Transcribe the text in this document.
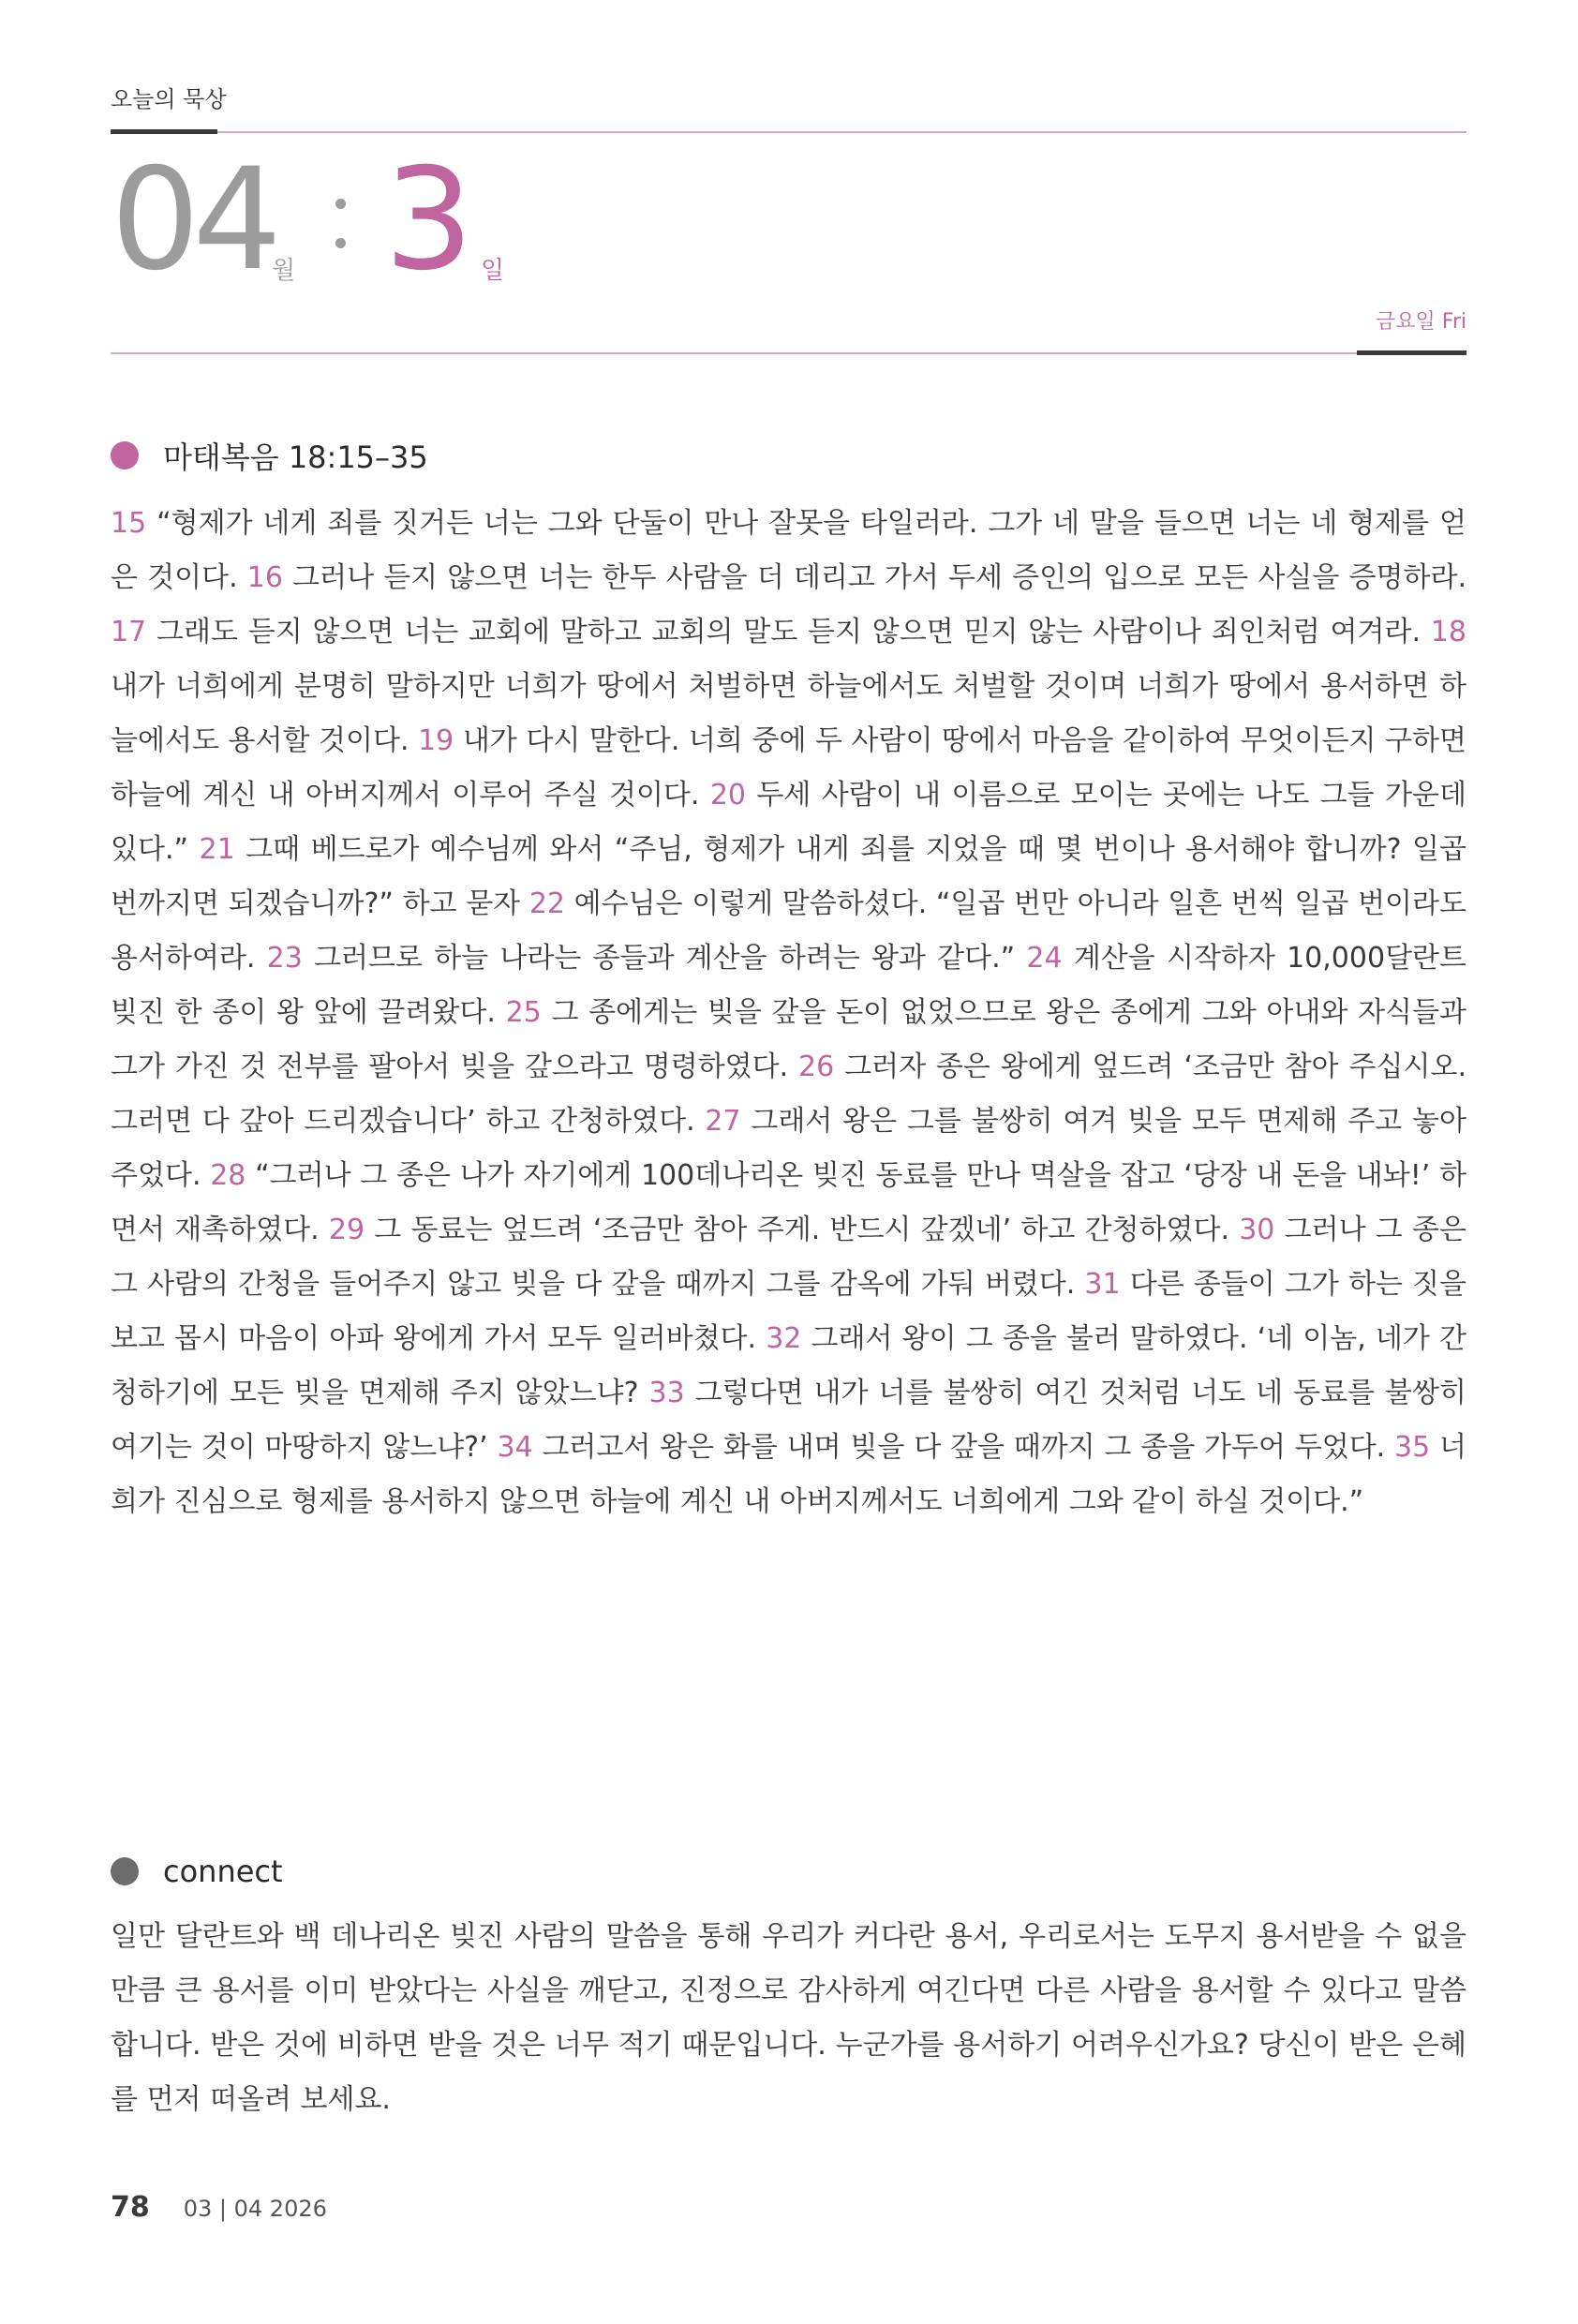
오늘의 묵상
04
월 3 일
금요일 Fri
마태복음 18:15–35
15 “형제가 네게 죄를 짓거든 너는 그와 단둘이 만나 잘못을 타일러라. 그가 네 말을 들으면 너는 네 형제를 얻은 것이다. 16 그러나 듣지 않으면 너는 한두 사람을 더 데리고 가서 두세 증인의 입으로 모든 사실을 증명하라. 17 그래도 듣지 않으면 너는 교회에 말하고 교회의 말도 듣지 않으면 믿지 않는 사람이나 죄인처럼 여겨라. 18 내가 너희에게 분명히 말하지만 너희가 땅에서 처벌하면 하늘에서도 처벌할 것이며 너희가 땅에서 용서하면 하늘에서도 용서할 것이다. 19 내가 다시 말한다. 너희 중에 두 사람이 땅에서 마음을 같이하여 무엇이든지 구하면 하늘에 계신 내 아버지께서 이루어 주실 것이다. 20 두세 사람이 내 이름으로 모이는 곳에는 나도 그들 가운데 있다.” 21 그때 베드로가 예수님께 와서 “주님, 형제가 내게 죄를 지었을 때 몇 번이나 용서해야 합니까? 일곱 번까지면 되겠습니까?” 하고 묻자 22 예수님은 이렇게 말씀하셨다. “일곱 번만 아니라 일흔 번씩 일곱 번이라도 용서하여라. 23 그러므로 하늘 나라는 종들과 계산을 하려는 왕과 같다.” 24 계산을 시작하자 10,000달란트 빚진 한 종이 왕 앞에 끌려왔다. 25 그 종에게는 빚을 갚을 돈이 없었으므로 왕은 종에게 그와 아내와 자식들과 그가 가진 것 전부를 팔아서 빚을 갚으라고 명령하였다. 26 그러자 종은 왕에게 엎드려 ‘조금만 참아 주십시오. 그러면 다 갚아 드리겠습니다’ 하고 간청하였다. 27 그래서 왕은 그를 불쌍히 여겨 빚을 모두 면제해 주고 놓아 주었다. 28 “그러나 그 종은 나가 자기에게 100데나리온 빚진 동료를 만나 멱살을 잡고 ‘당장 내 돈을 내놔!’ 하면서 재촉하였다. 29 그 동료는 엎드려 ‘조금만 참아 주게. 반드시 갚겠네’ 하고 간청하였다. 30 그러나 그 종은 그 사람의 간청을 들어주지 않고 빚을 다 갚을 때까지 그를 감옥에 가둬 버렸다. 31 다른 종들이 그가 하는 짓을 보고 몹시 마음이 아파 왕에게 가서 모두 일러바쳤다. 32 그래서 왕이 그 종을 불러 말하였다. ‘네 이놈, 네가 간청하기에 모든 빚을 면제해 주지 않았느냐? 33 그렇다면 내가 너를 불쌍히 여긴 것처럼 너도 네 동료를 불쌍히 여기는 것이 마땅하지 않느냐?’ 34 그러고서 왕은 화를 내며 빚을 다 갚을 때까지 그 종을 가두어 두었다. 35 너희가 진심으로 형제를 용서하지 않으면 하늘에 계신 내 아버지께서도 너희에게 그와 같이 하실 것이다.”
connect
일만 달란트와 백 데나리온 빚진 사람의 말씀을 통해 우리가 커다란 용서, 우리로서는 도무지 용서받을 수 없을 만큼 큰 용서를 이미 받았다는 사실을 깨닫고, 진정으로 감사하게 여긴다면 다른 사람을 용서할 수 있다고 말씀합니다. 받은 것에 비하면 받을 것은 너무 적기 때문입니다. 누군가를 용서하기 어려우신가요? 당신이 받은 은혜를 먼저 떠올려 보세요.
78 03 | 04 2026
